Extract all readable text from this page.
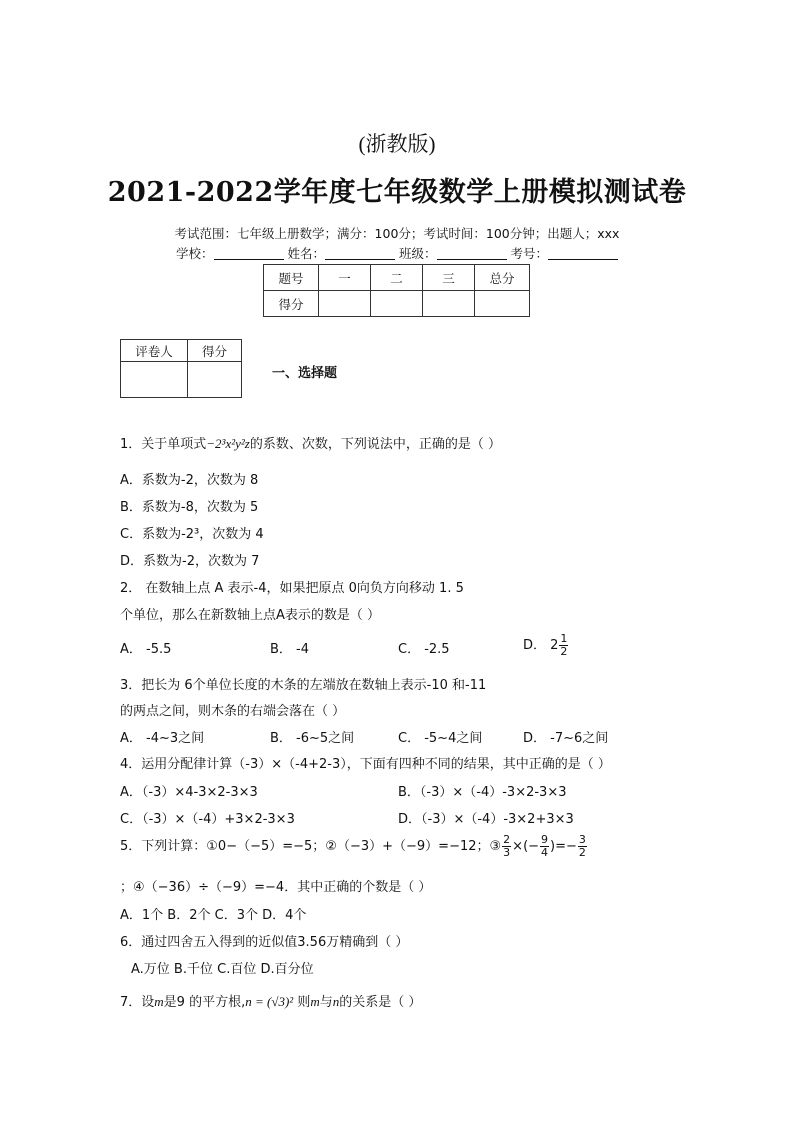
(浙教版)
2021-2022学年度七年级数学上册模拟测试卷
考试范围：七年级上册数学；满分：100分；考试时间：100分钟；出题人；xxx
学校：	姓名：	班级：	考号：
题号	一	二	三	总分
得分				
评卷人	得分

一、选择题
1．关于单项式−2³x²y²z的系数、次数，下列说法中，正确的是（ ）
A．系数为-2，次数为 8
B．系数为-8，次数为 5
C．系数为-2³，次数为 4
D．系数为-2，次数为 7
2． 在数轴上点 A 表示-4，如果把原点 0向负方向移动 1. 5
个单位，那么在新数轴上点A表示的数是（ ）
A． -5.5	B． -4	C． -2.5	D． $2 \frac{1}{2}$
3．把长为 6个单位长度的木条的左端放在数轴上表示-10 和-11
的两点之间，则木条的右端会落在（ ）
A． -4~3之间	B． -6~5之间	C． -5~4之间	D． -7~6之间
4．运用分配律计算（-3）×（-4+2-3），下面有四种不同的结果，其中正确的是（ ）
A．（-3）×4-3×2-3×3	B．（-3）×（-4）-3×2-3×3
C．（-3）×（-4）+3×2-3×3	D．（-3）×（-4）-3×2+3×3
5．下列计算：①0−（−5）=−5；②（−3）+（−9）=−12；③ $\frac{2}{3}$ ×(− $\frac{9}{4}$ )=− $\frac{3}{2}$
；④（−36）÷（−9）=−4．其中正确的个数是（ ）
A．1个 B．2个 C．3个 D．4个
6．通过四舍五入得到的近似值3.56万精确到（ ）
A.万位 B.千位 C.百位 D.百分位
7．设m是9 的平方根,n = (√3)² 则m与n的关系是（ ）
